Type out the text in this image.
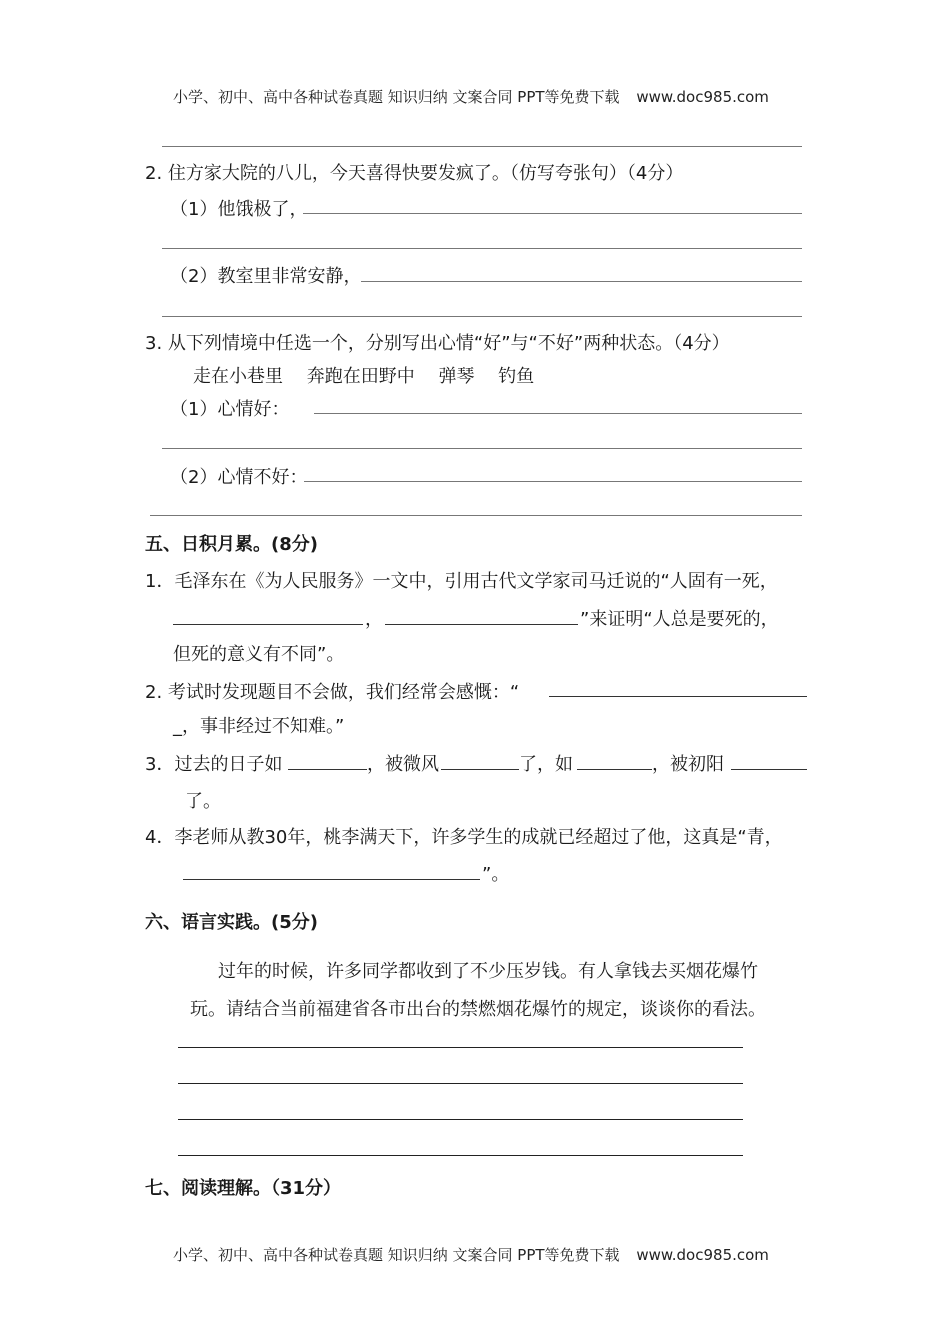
小学、初中、高中各种试卷真题 知识归纳 文案合同 PPT等免费下载 www.doc985.com
2. 住方家大院的八儿，今天喜得快要发疯了。（仿写夸张句）（4分）
（1）他饿极了，
（2）教室里非常安静，
3. 从下列情境中任选一个，分别写出心情“好”与“不好”两种状态。（4分）
走在小巷里 奔跑在田野中 弹琴 钓鱼
（1）心情好：
（2）心情不好：
五、日积月累。(8分)
1．毛泽东在《为人民服务》一文中，引用古代文学家司马迁说的“人固有一死，
，	”来证明“人总是要死的，
但死的意义有不同”。
2. 考试时发现题目不会做，我们经常会感慨：“
_，事非经过不知难。”
3．过去的日子如	，被微风	了，如	，被初阳
了。
4．李老师从教30年，桃李满天下，许多学生的成就已经超过了他，这真是“青，
”。
六、语言实践。(5分)
过年的时候，许多同学都收到了不少压岁钱。有人拿钱去买烟花爆竹
玩。请结合当前福建省各市出台的禁燃烟花爆竹的规定，谈谈你的看法。
七、阅读理解。（31分）
小学、初中、高中各种试卷真题 知识归纳 文案合同 PPT等免费下载 www.doc985.com
